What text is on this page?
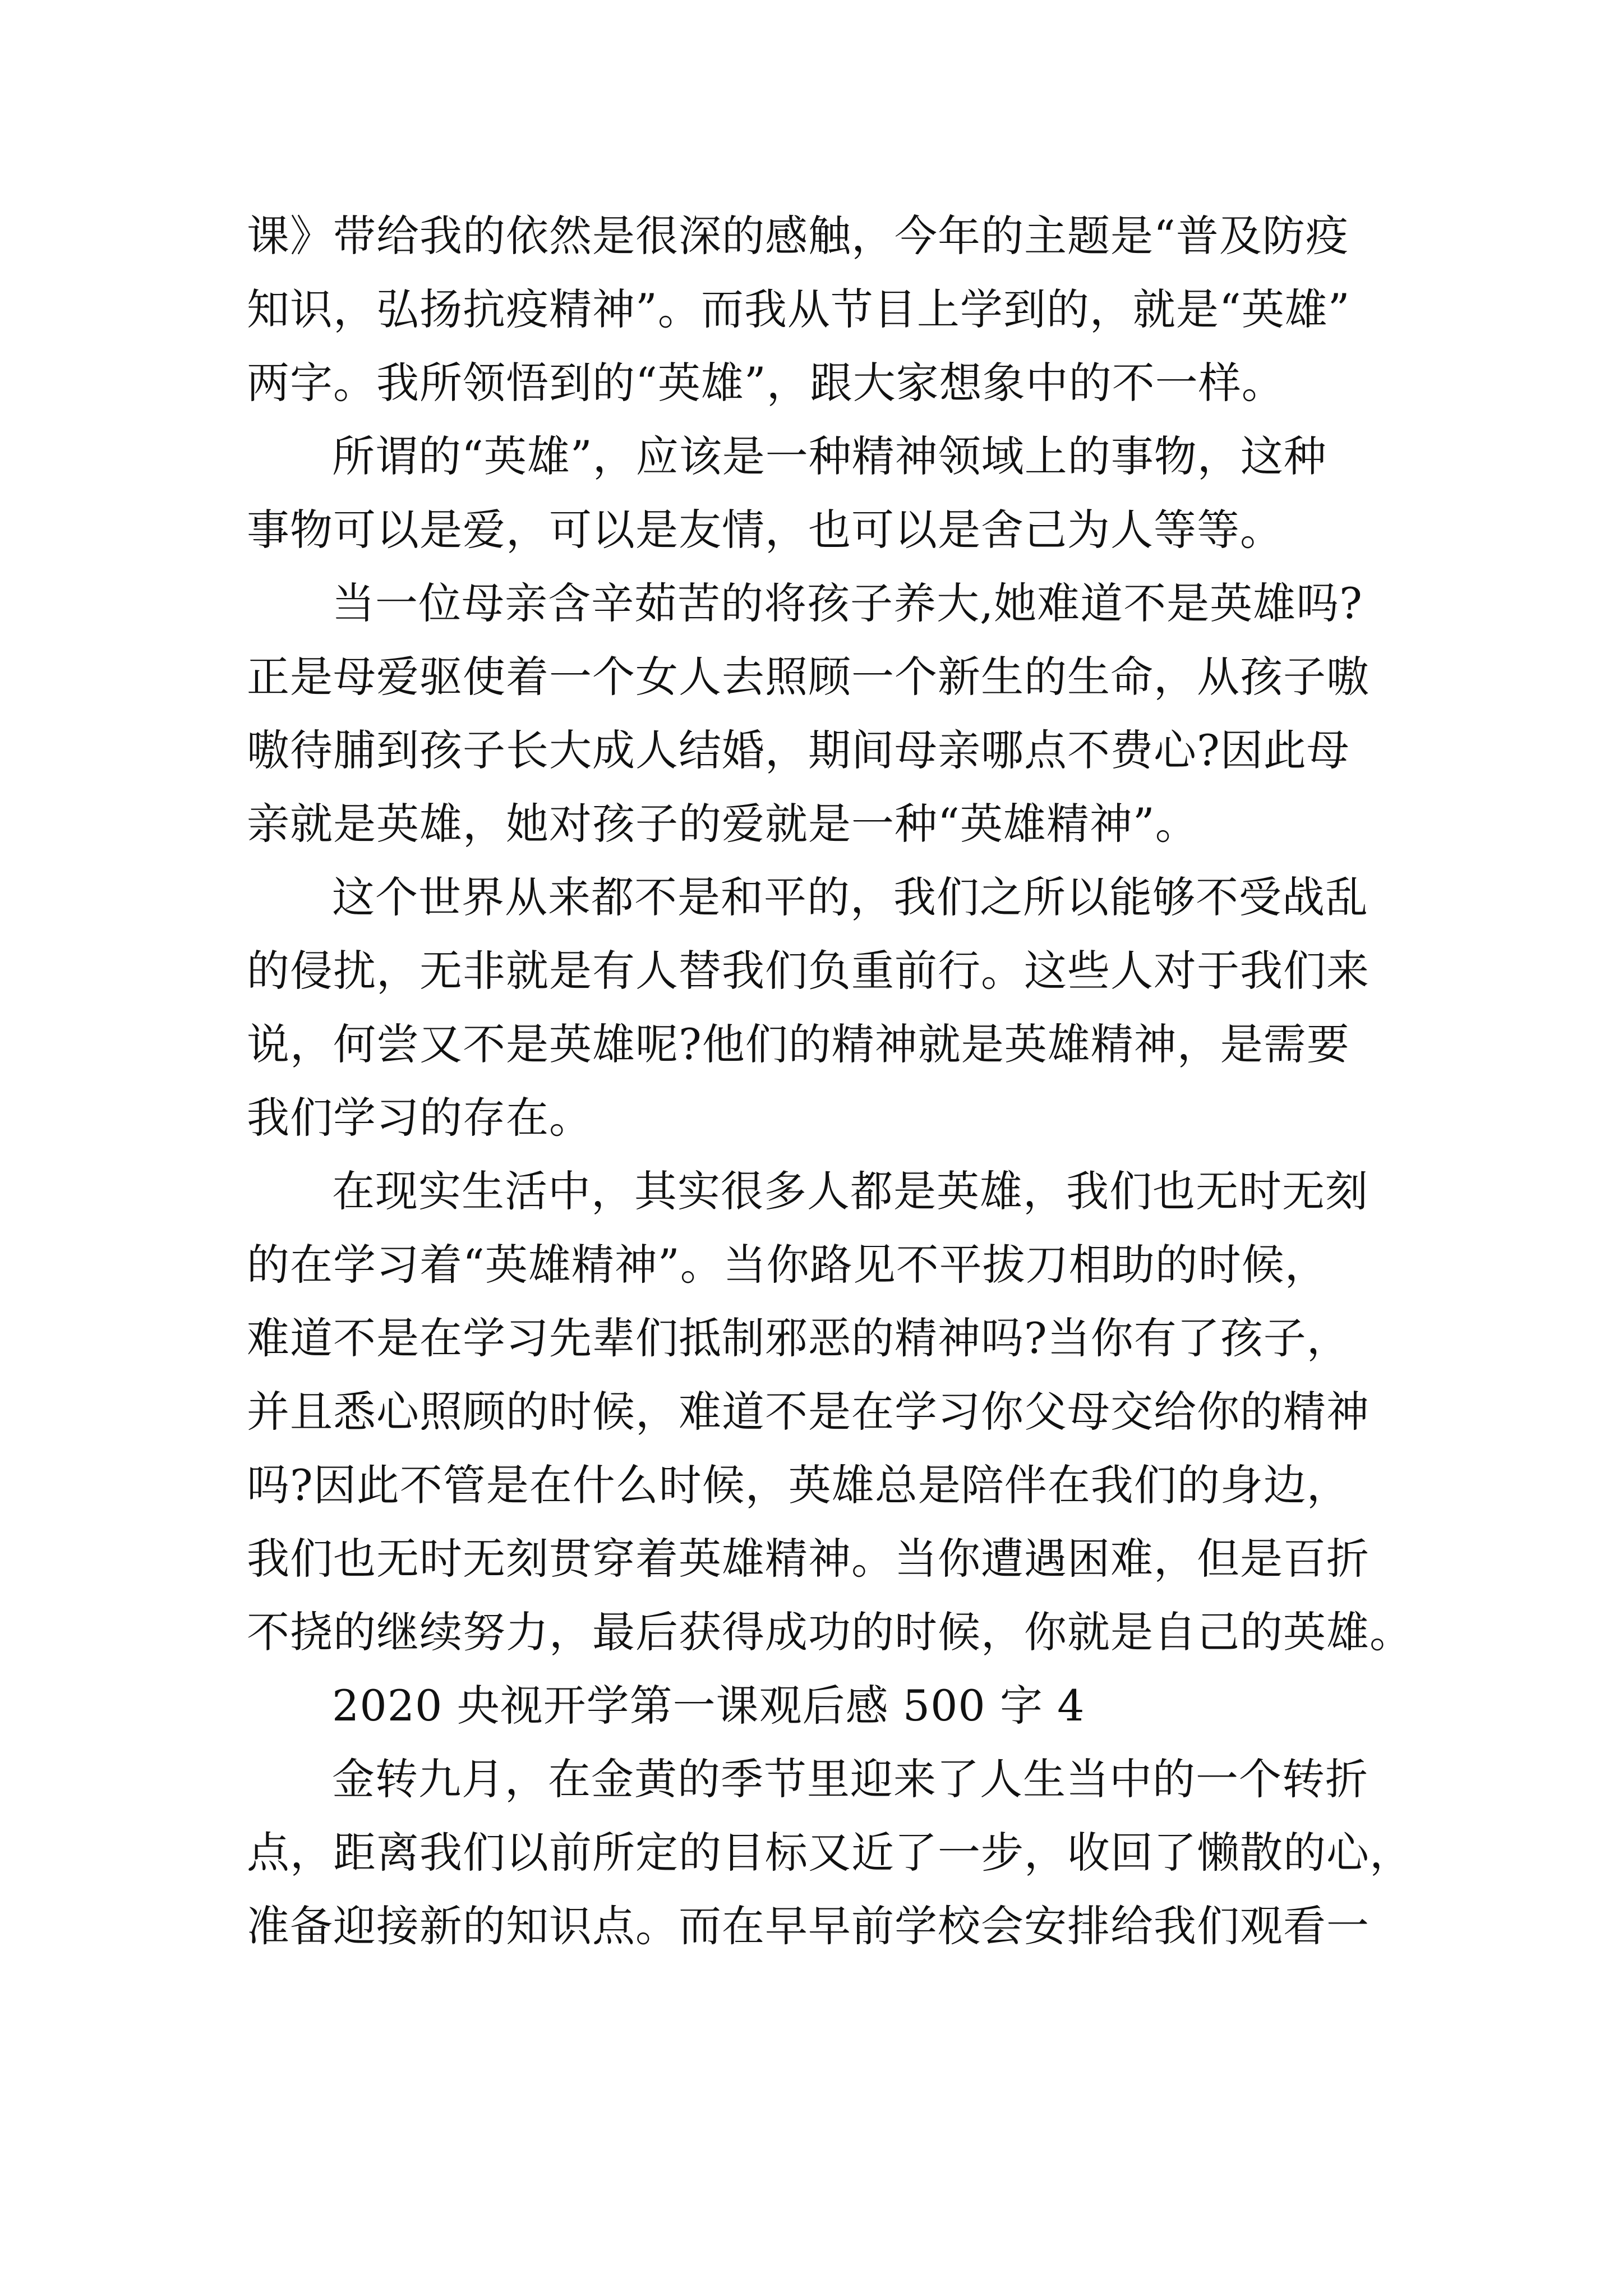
课》带给我的依然是很深的感触，今年的主题是“普及防疫
知识，弘扬抗疫精神”。而我从节目上学到的，就是“英雄”
两字。我所领悟到的“英雄”，跟大家想象中的不一样。
所谓的“英雄”，应该是一种精神领域上的事物，这种
事物可以是爱，可以是友情，也可以是舍己为人等等。
当一位母亲含辛茹苦的将孩子养大,她难道不是英雄吗?
正是母爱驱使着一个女人去照顾一个新生的生命，从孩子嗷
嗷待脯到孩子长大成人结婚，期间母亲哪点不费心?因此母
亲就是英雄，她对孩子的爱就是一种“英雄精神”。
这个世界从来都不是和平的，我们之所以能够不受战乱
的侵扰，无非就是有人替我们负重前行。这些人对于我们来
说，何尝又不是英雄呢?他们的精神就是英雄精神，是需要
我们学习的存在。
在现实生活中，其实很多人都是英雄，我们也无时无刻
的在学习着“英雄精神”。当你路见不平拔刀相助的时候，
难道不是在学习先辈们抵制邪恶的精神吗?当你有了孩子，
并且悉心照顾的时候，难道不是在学习你父母交给你的精神
吗?因此不管是在什么时候，英雄总是陪伴在我们的身边，
我们也无时无刻贯穿着英雄精神。当你遭遇困难，但是百折
不挠的继续努力，最后获得成功的时候，你就是自己的英雄。
2020 央视开学第一课观后感 500 字 4
金转九月，在金黄的季节里迎来了人生当中的一个转折
点，距离我们以前所定的目标又近了一步，收回了懒散的心，
准备迎接新的知识点。而在早早前学校会安排给我们观看一
